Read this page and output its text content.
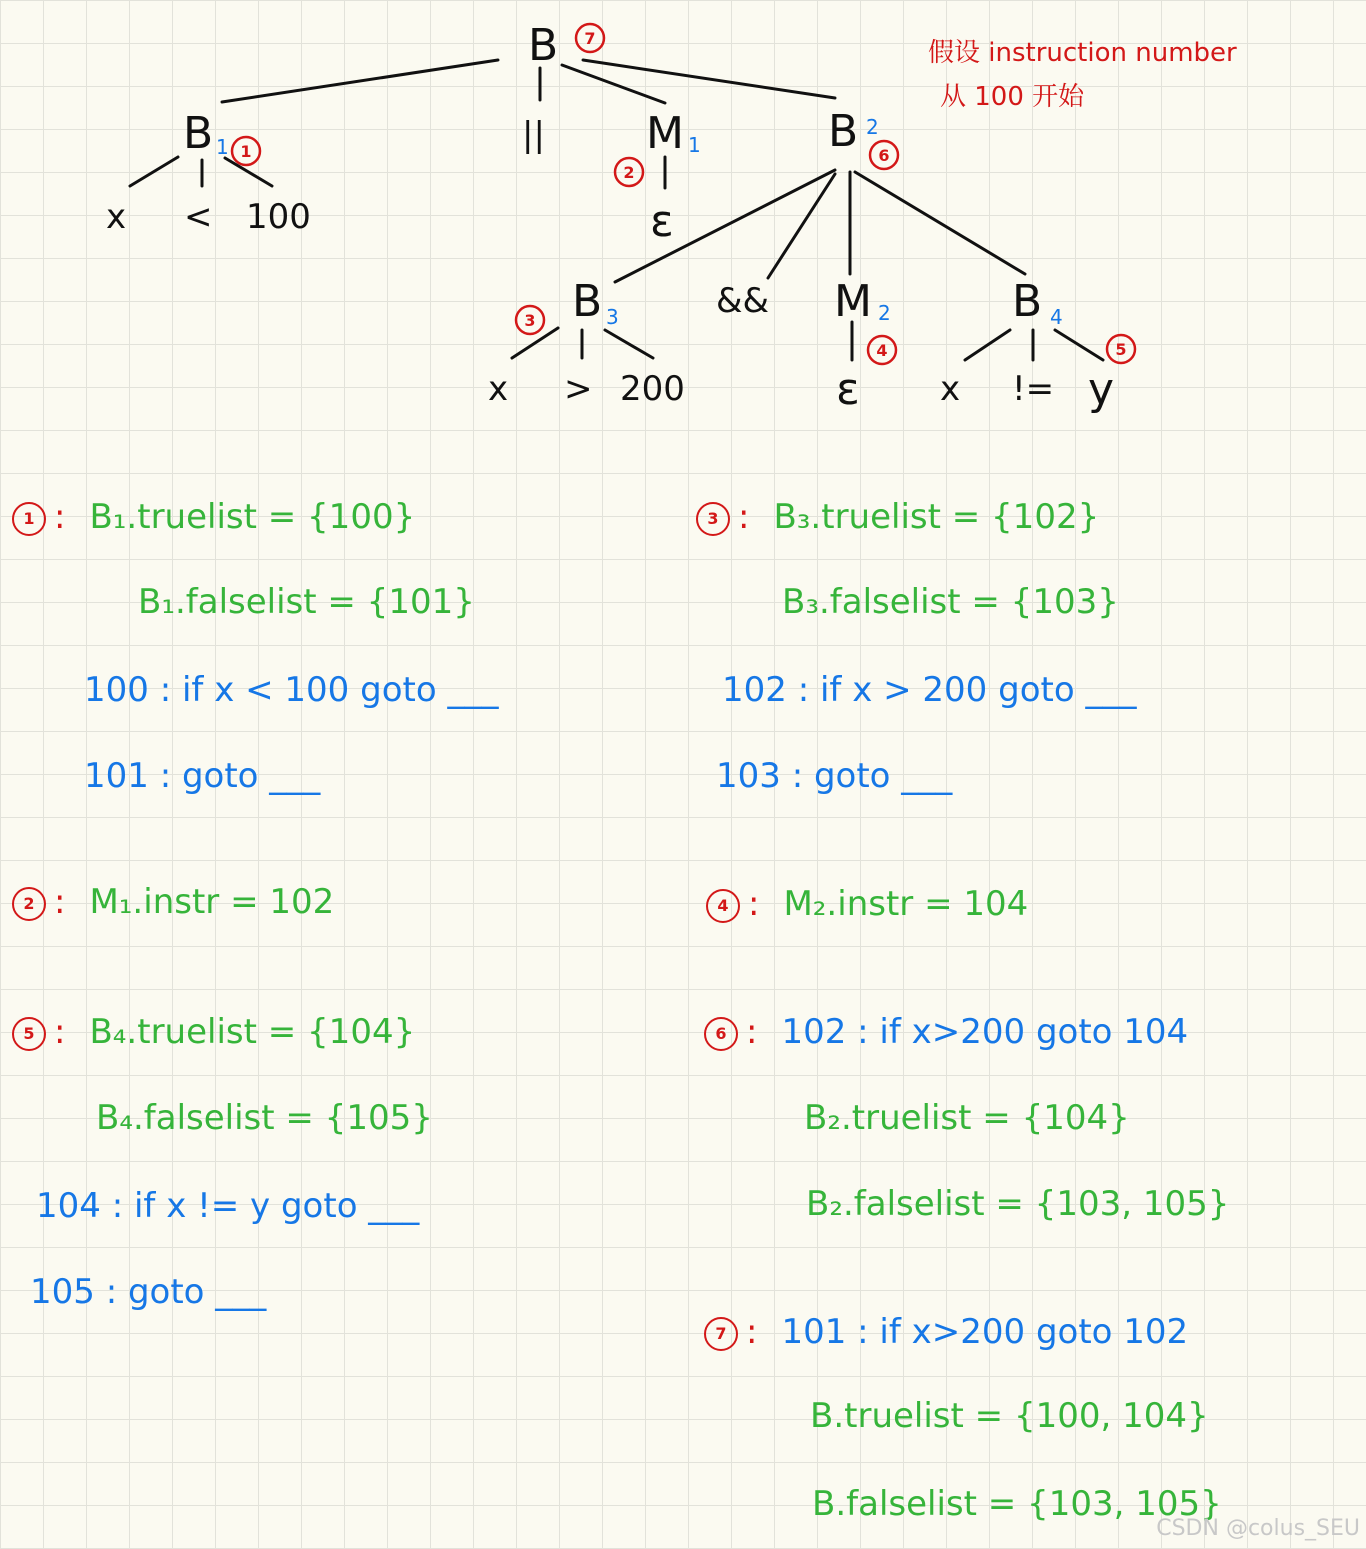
B
B 1	|| M 1	B 2
x < 100	ε
B 3	&& M 2	B 4
x > 200	ε x != y
7
1
2
6
3
4	5
假设 instruction number
从 100 开始
1 : B₁.truelist = {100}
B₁.falselist = {101}
100 : if x < 100 goto ___
101 : goto ___
3 : B₃.truelist = {102}
B₃.falselist = {103}
102 : if x > 200 goto ___
103 : goto ___
2 : M₁.instr = 102	4 : M₂.instr = 104
5 : B₄.truelist = {104}
B₄.falselist = {105}
104 : if x != y goto ___
105 : goto ___
6 : 102 : if x>200 goto 104
B₂.truelist = {104}
B₂.falselist = {103, 105}
7 : 101 : if x>200 goto 102
B.truelist = {100, 104}
B.falselist = {103, 105}
CSDN @colus_SEU
